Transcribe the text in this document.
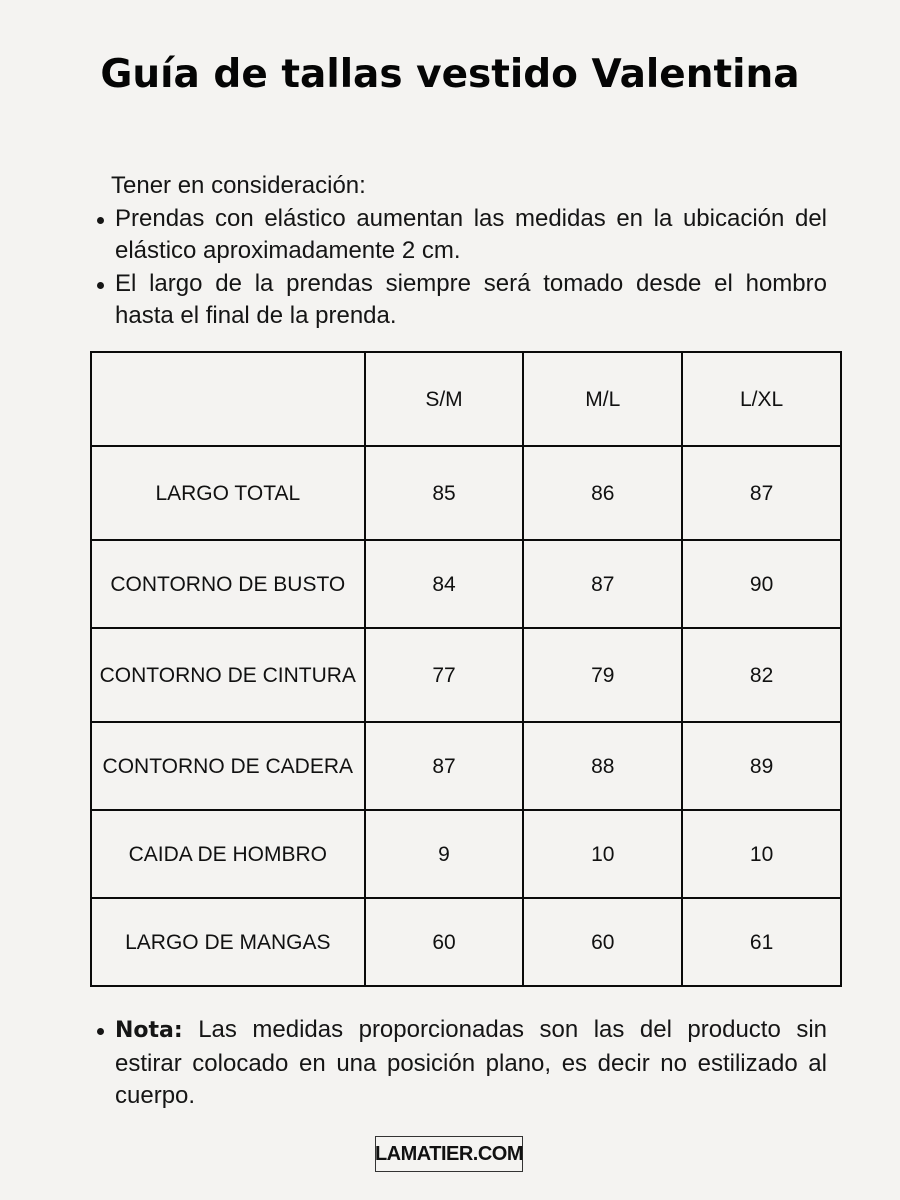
Guía de tallas vestido Valentina
Tener en consideración:
Prendas con elástico aumentan las medidas en la ubicación del elástico aproximadamente 2 cm.
El largo de la prendas siempre será tomado desde el hombro hasta el final de la prenda.
	S/M	M/L	L/XL
LARGO TOTAL	85	86	87
CONTORNO DE BUSTO	84	87	90
CONTORNO DE CINTURA	77	79	82
CONTORNO DE CADERA	87	88	89
CAIDA DE HOMBRO	9	10	10
LARGO DE MANGAS	60	60	61
Nota: Las medidas proporcionadas son las del producto sin estirar colocado en una posición plano, es decir no estilizado al cuerpo.
LAMATIER.COM
